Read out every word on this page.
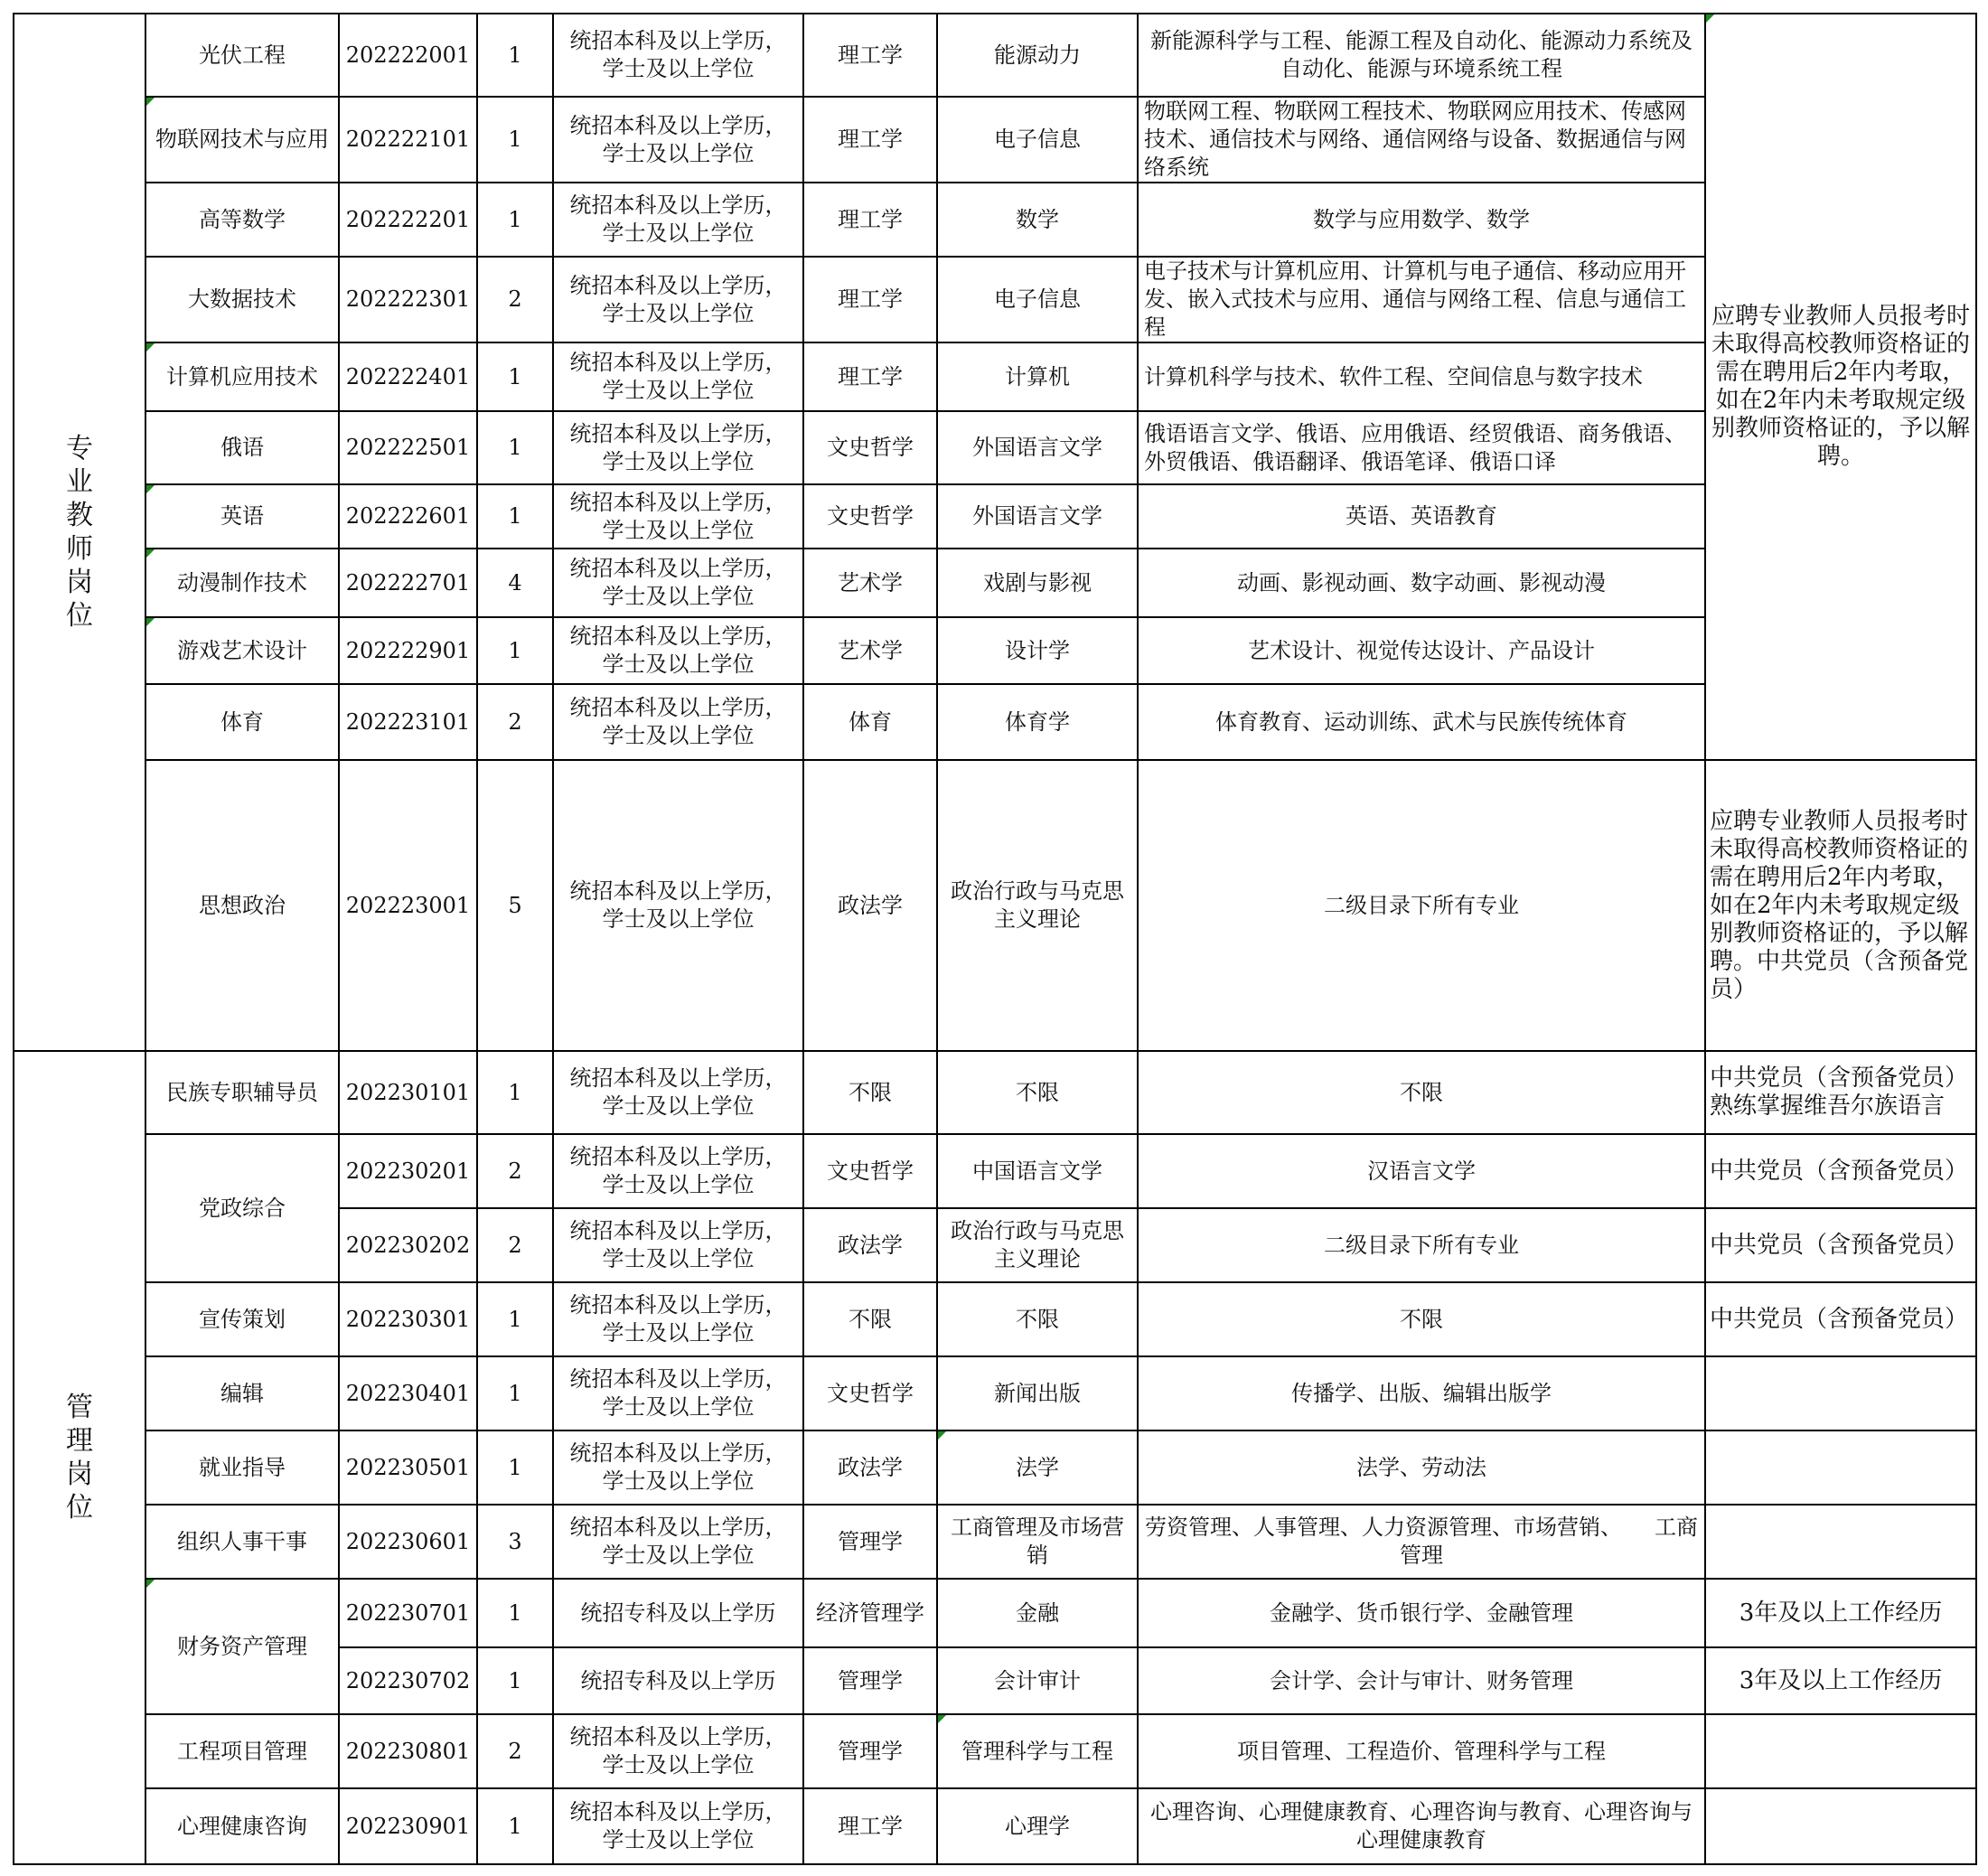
专业教师岗位	光伏工程	202222001	1	统招本科及以上学历，学士及以上学位	理工学	能源动力	新能源科学与工程、能源工程及自动化、能源动力系统及自动化、能源与环境系统工程	应聘专业教师人员报考时未取得高校教师资格证的需在聘用后2年内考取，如在2年内未考取规定级别教师资格证的，予以解聘。
	物联网技术与应用	202222101	1	统招本科及以上学历，学士及以上学位	理工学	电子信息	物联网工程、物联网工程技术、物联网应用技术、传感网技术、通信技术与网络、通信网络与设备、数据通信与网络系统	
	高等数学	202222201	1	统招本科及以上学历，学士及以上学位	理工学	数学	数学与应用数学、数学	
	大数据技术	202222301	2	统招本科及以上学历，学士及以上学位	理工学	电子信息	电子技术与计算机应用、计算机与电子通信、移动应用开发、嵌入式技术与应用、通信与网络工程、信息与通信工程	
	计算机应用技术	202222401	1	统招本科及以上学历，学士及以上学位	理工学	计算机	计算机科学与技术、软件工程、空间信息与数字技术	
	俄语	202222501	1	统招本科及以上学历，学士及以上学位	文史哲学	外国语言文学	俄语语言文学、俄语、应用俄语、经贸俄语、商务俄语、外贸俄语、俄语翻译、俄语笔译、俄语口译	
	英语	202222601	1	统招本科及以上学历，学士及以上学位	文史哲学	外国语言文学	英语、英语教育	
	动漫制作技术	202222701	4	统招本科及以上学历，学士及以上学位	艺术学	戏剧与影视	动画、影视动画、数字动画、影视动漫	
	游戏艺术设计	202222901	1	统招本科及以上学历，学士及以上学位	艺术学	设计学	艺术设计、视觉传达设计、产品设计	
	体育	202223101	2	统招本科及以上学历，学士及以上学位	体育	体育学	体育教育、运动训练、武术与民族传统体育	
	思想政治	202223001	5	统招本科及以上学历，学士及以上学位	政法学	政治行政与马克思主义理论	二级目录下所有专业	应聘专业教师人员报考时未取得高校教师资格证的需在聘用后2年内考取，如在2年内未考取规定级别教师资格证的，予以解聘。中共党员（含预备党员）
管理岗位	民族专职辅导员	202230101	1	统招本科及以上学历，学士及以上学位	不限	不限	不限	中共党员（含预备党员）熟练掌握维吾尔族语言
	党政综合	202230201	2	统招本科及以上学历，学士及以上学位	文史哲学	中国语言文学	汉语言文学	中共党员（含预备党员）
		202230202	2	统招本科及以上学历，学士及以上学位	政法学	政治行政与马克思主义理论	二级目录下所有专业	中共党员（含预备党员）
	宣传策划	202230301	1	统招本科及以上学历，学士及以上学位	不限	不限	不限	中共党员（含预备党员）
	编辑	202230401	1	统招本科及以上学历，学士及以上学位	文史哲学	新闻出版	传播学、出版、编辑出版学	
	就业指导	202230501	1	统招本科及以上学历，学士及以上学位	政法学	法学	法学、劳动法	
	组织人事干事	202230601	3	统招本科及以上学历，学士及以上学位	管理学	工商管理及市场营销	劳资管理、人事管理、人力资源管理、市场营销、　　工商管理	
	财务资产管理	202230701	1	统招专科及以上学历	经济管理学	金融	金融学、货币银行学、金融管理	3年及以上工作经历
		202230702	1	统招专科及以上学历	管理学	会计审计	会计学、会计与审计、财务管理	3年及以上工作经历
	工程项目管理	202230801	2	统招本科及以上学历，学士及以上学位	管理学	管理科学与工程	项目管理、工程造价、管理科学与工程	
	心理健康咨询	202230901	1	统招本科及以上学历，学士及以上学位	理工学	心理学	心理咨询、心理健康教育、心理咨询与教育、心理咨询与心理健康教育	
